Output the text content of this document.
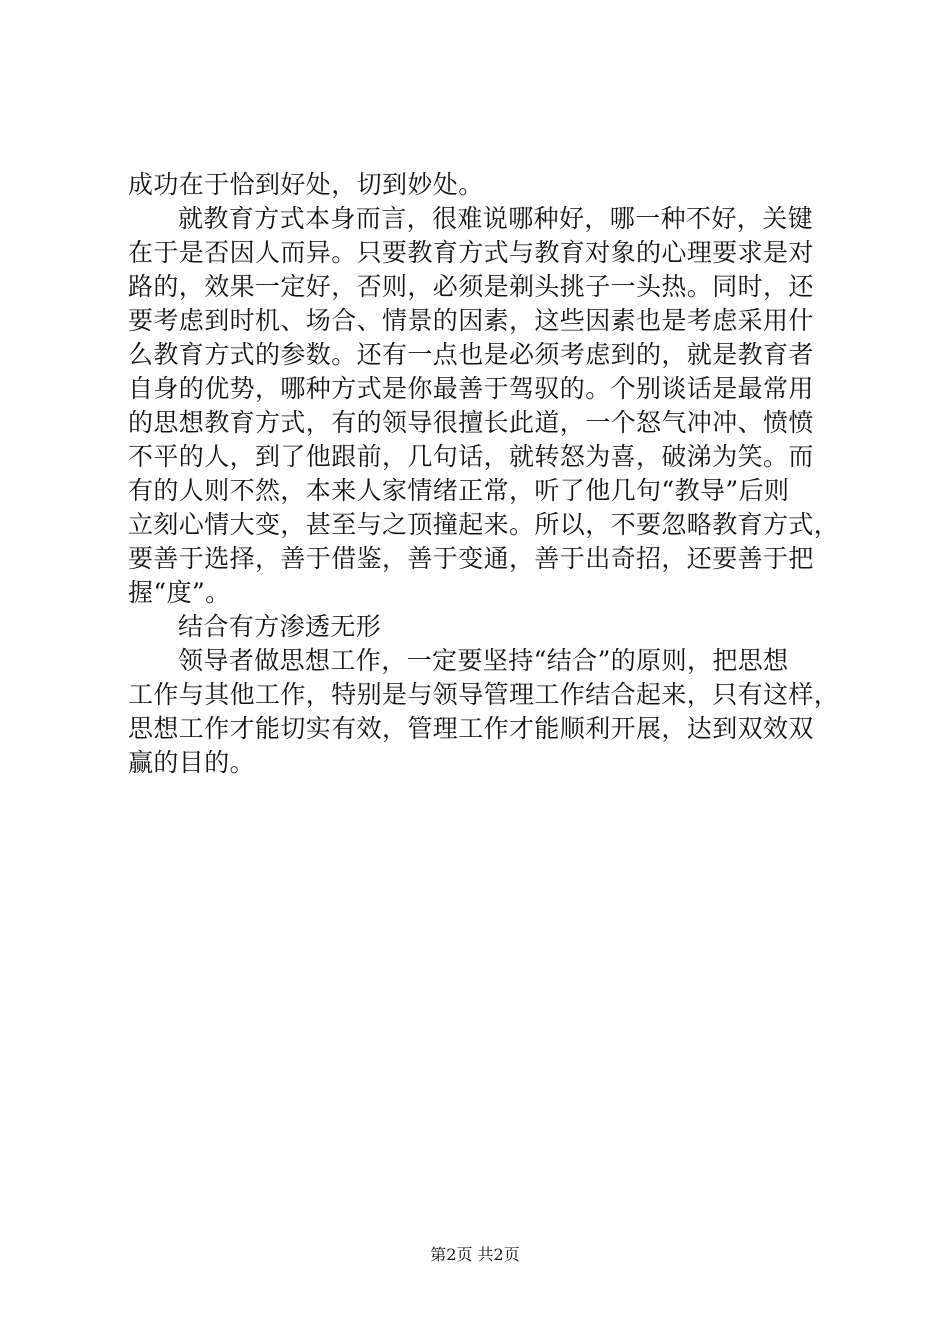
成功在于恰到好处，切到妙处。
就教育方式本身而言，很难说哪种好，哪一种不好，关键
在于是否因人而异。只要教育方式与教育对象的心理要求是对
路的，效果一定好，否则，必须是剃头挑子一头热。同时，还
要考虑到时机、场合、情景的因素，这些因素也是考虑采用什
么教育方式的参数。还有一点也是必须考虑到的，就是教育者
自身的优势，哪种方式是你最善于驾驭的。个别谈话是最常用
的思想教育方式，有的领导很擅长此道，一个怒气冲冲、愤愤
不平的人，到了他跟前，几句话，就转怒为喜，破涕为笑。而
有的人则不然，本来人家情绪正常，听了他几句“教导”后则
立刻心情大变，甚至与之顶撞起来。所以，不要忽略教育方式，
要善于选择，善于借鉴，善于变通，善于出奇招，还要善于把
握“度”。
结合有方渗透无形
领导者做思想工作，一定要坚持“结合”的原则，把思想
工作与其他工作，特别是与领导管理工作结合起来，只有这样，
思想工作才能切实有效，管理工作才能顺利开展，达到双效双
赢的目的。
第2页 共2页
